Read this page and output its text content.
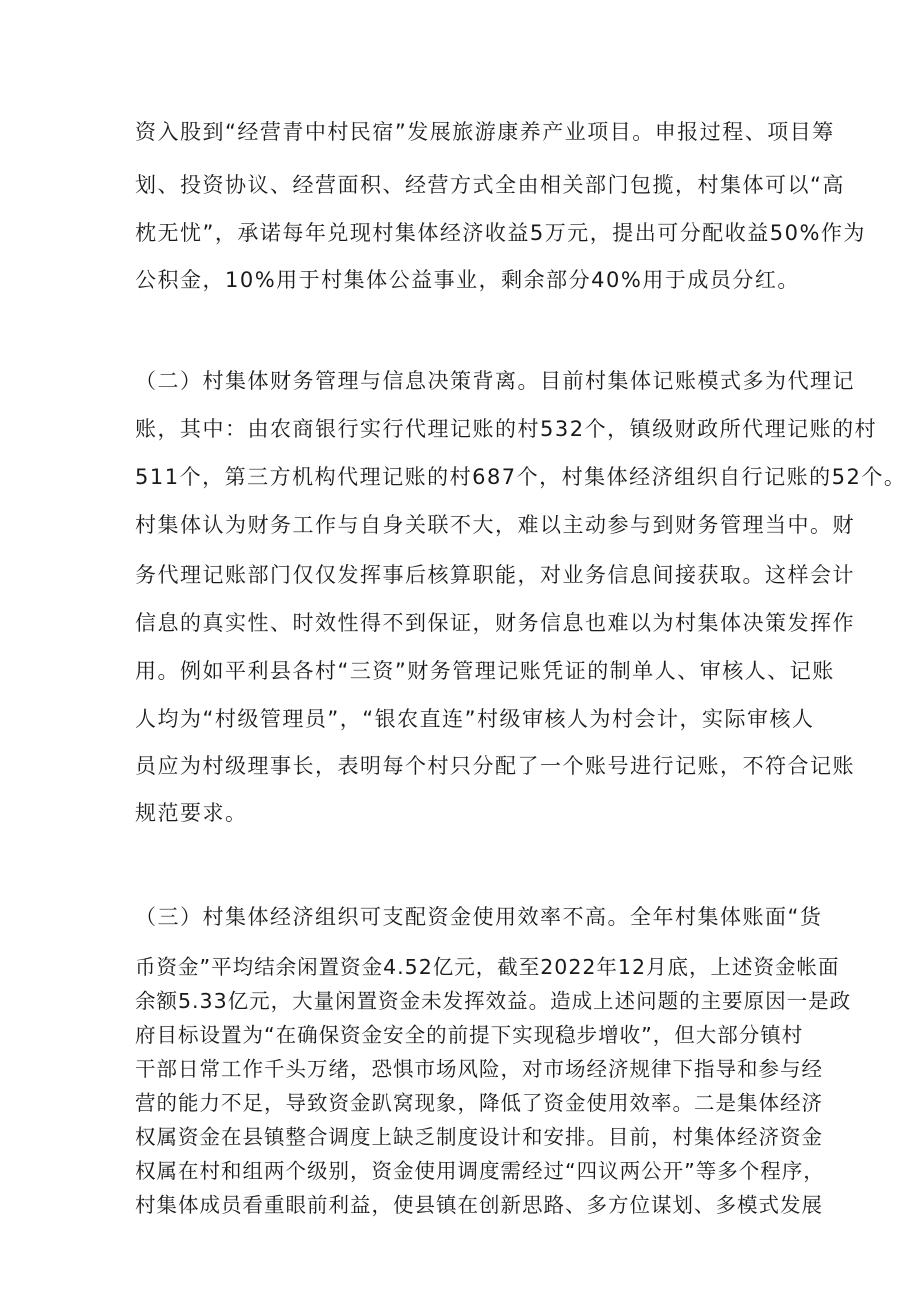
资入股到“经营青中村民宿”发展旅游康养产业项目。申报过程、项目筹
划、投资协议、经营面积、经营方式全由相关部门包揽，村集体可以“高
枕无忧”，承诺每年兑现村集体经济收益5万元，提出可分配收益50%作为
公积金，10%用于村集体公益事业，剩余部分40%用于成员分红。
（二）村集体财务管理与信息决策背离。目前村集体记账模式多为代理记
账，其中：由农商银行实行代理记账的村532个，镇级财政所代理记账的村
511个，第三方机构代理记账的村687个，村集体经济组织自行记账的52个。
村集体认为财务工作与自身关联不大，难以主动参与到财务管理当中。财
务代理记账部门仅仅发挥事后核算职能，对业务信息间接获取。这样会计
信息的真实性、时效性得不到保证，财务信息也难以为村集体决策发挥作
用。例如平利县各村“三资”财务管理记账凭证的制单人、审核人、记账
人均为“村级管理员”，“银农直连”村级审核人为村会计，实际审核人
员应为村级理事长，表明每个村只分配了一个账号进行记账，不符合记账
规范要求。
（三）村集体经济组织可支配资金使用效率不高。全年村集体账面“货
币资金”平均结余闲置资金4.52亿元，截至2022年12月底，上述资金帐面
余额5.33亿元，大量闲置资金未发挥效益。造成上述问题的主要原因一是政
府目标设置为“在确保资金安全的前提下实现稳步增收”，但大部分镇村
干部日常工作千头万绪，恐惧市场风险，对市场经济规律下指导和参与经
营的能力不足，导致资金趴窝现象，降低了资金使用效率。二是集体经济
权属资金在县镇整合调度上缺乏制度设计和安排。目前，村集体经济资金
权属在村和组两个级别，资金使用调度需经过“四议两公开”等多个程序，
村集体成员看重眼前利益，使县镇在创新思路、多方位谋划、多模式发展
